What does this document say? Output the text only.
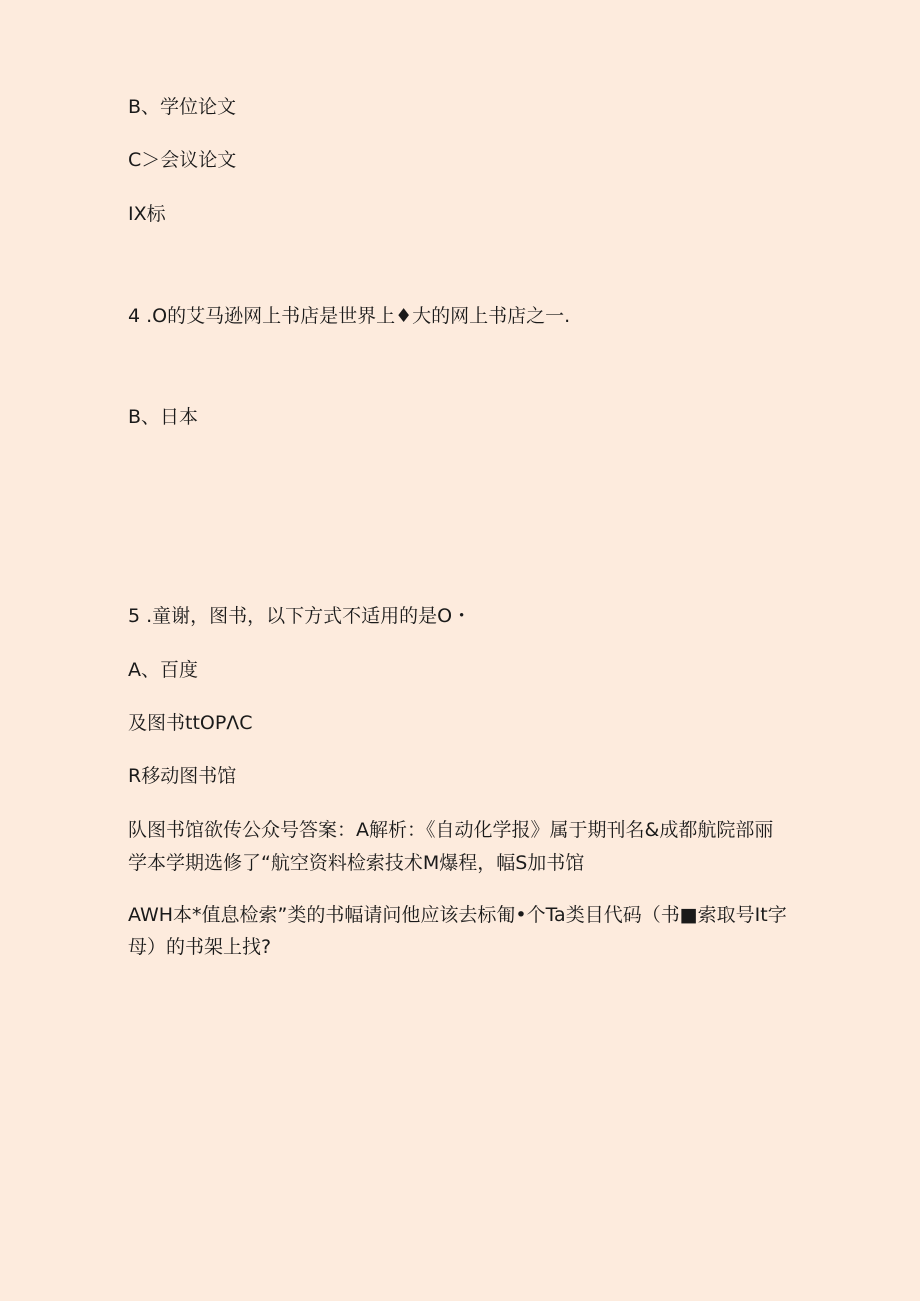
B、学位论文
C＞会议论文
IX标
4 .O的艾马逊网上书店是世界上♦大的网上书店之一.
B、日本
5 .童谢，图书，以下方式不适用的是O・
A、百度
及图书ttOPΛC
R移动图书馆
队图书馆欲传公众号答案：A解析：《自动化学报》属于期刊名&成都航院部丽
学本学期选修了“航空资料检索技术M爆程，幅S加书馆
AWH本*值息检索”类的书幅请问他应该去标匍•个Ta类目代码（书■索取号It字
母）的书架上找?
